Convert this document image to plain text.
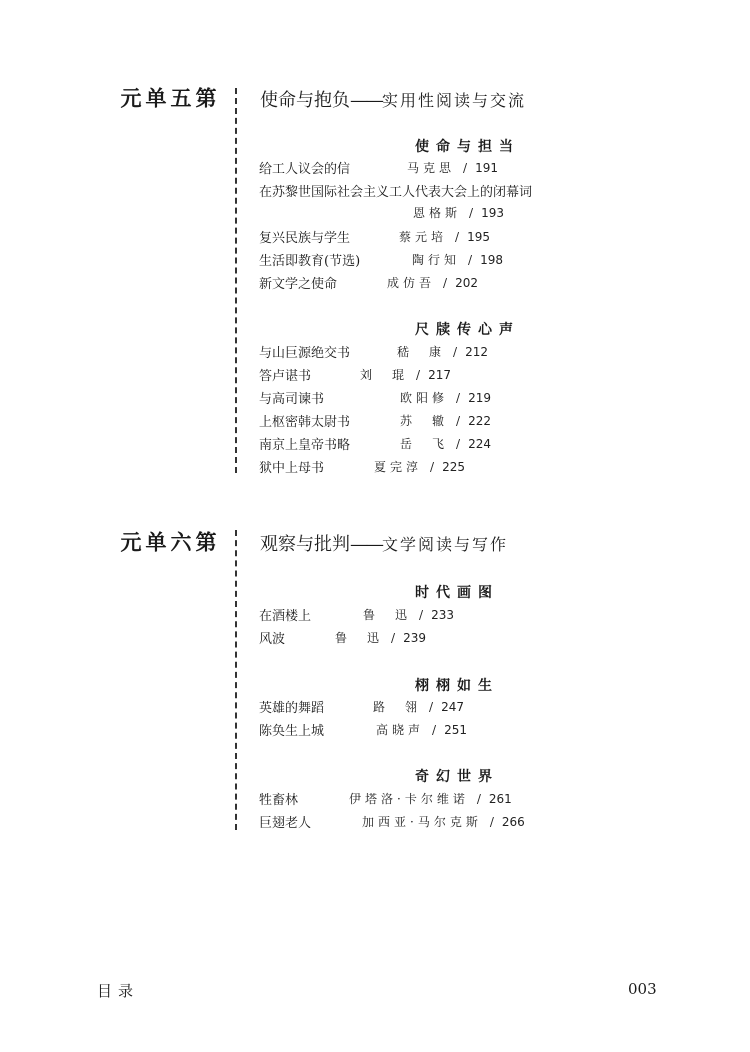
第五单元	使命与抱负——实用性阅读与交流
使命与担当
给工人议会的信	马克思 / 191
在苏黎世国际社会主义工人代表大会上的闭幕词
恩格斯 / 193
复兴民族与学生	蔡元培 / 195
生活即教育(节选)	陶行知 / 198
新文学之使命	成仿吾 / 202
尺牍传心声
与山巨源绝交书	嵇　康 / 212
答卢谌书	刘　琨 / 217
与高司谏书	欧阳修 / 219
上枢密韩太尉书	苏　辙 / 222
南京上皇帝书略	岳　飞 / 224
狱中上母书	夏完淳 / 225
第六单元	观察与批判——文学阅读与写作
时代画图
在酒楼上	鲁　迅 / 233
风波	鲁　迅 / 239
栩栩如生
英雄的舞蹈	路　翎 / 247
陈奂生上城	高晓声 / 251
奇幻世界
牲畜林	伊塔洛·卡尔维诺 / 261
巨翅老人	加西亚·马尔克斯 / 266
目录	003
